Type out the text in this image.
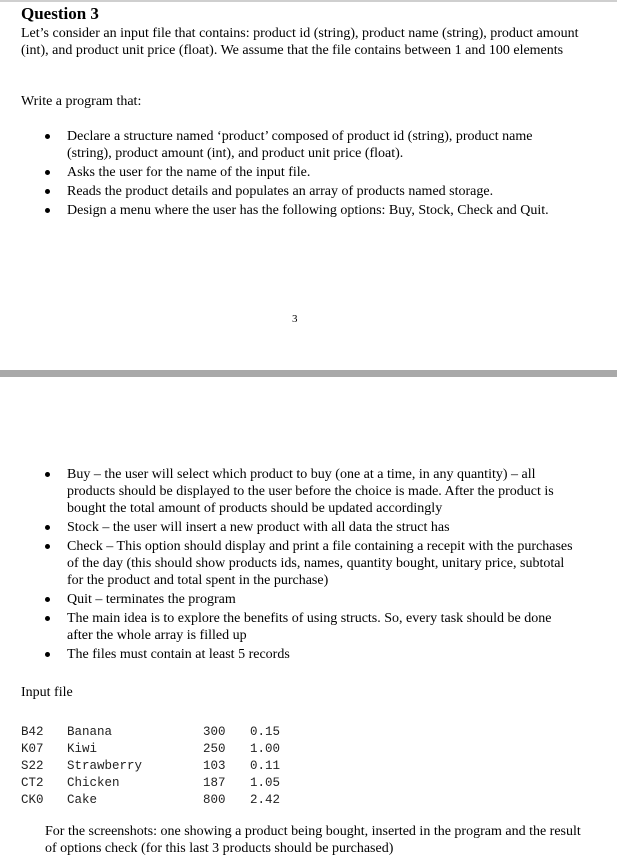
Question 3
Let’s consider an input file that contains: product id (string), product name (string), product amount (int), and product unit price (float). We assume that the file contains between 1 and 100 elements
Write a program that:
Declare a structure named ‘product’ composed of product id (string), product name (string), product amount (int), and product unit price (float).
Asks the user for the name of the input file.
Reads the product details and populates an array of products named storage.
Design a menu where the user has the following options: Buy, Stock, Check and Quit.
3
Buy – the user will select which product to buy (one at a time, in any quantity) – all products should be displayed to the user before the choice is made. After the product is bought the total amount of products should be updated accordingly
Stock – the user will insert a new product with all data the struct has
Check – This option should display and print a file containing a recepit with the purchases of the day (this should show products ids, names, quantity bought, unitary price, subtotal for the product and total spent in the purchase)
Quit – terminates the program
The main idea is to explore the benefits of using structs. So, every task should be done after the whole array is filled up
The files must contain at least 5 records
Input file
B42 Banana	300 0.15
K07 Kiwi	250 1.00
S22 Strawberry	103 0.11
CT2 Chicken	187 1.05
CK0 Cake	800 2.42
For the screenshots: one showing a product being bought, inserted in the program and the result of options check (for this last 3 products should be purchased)
